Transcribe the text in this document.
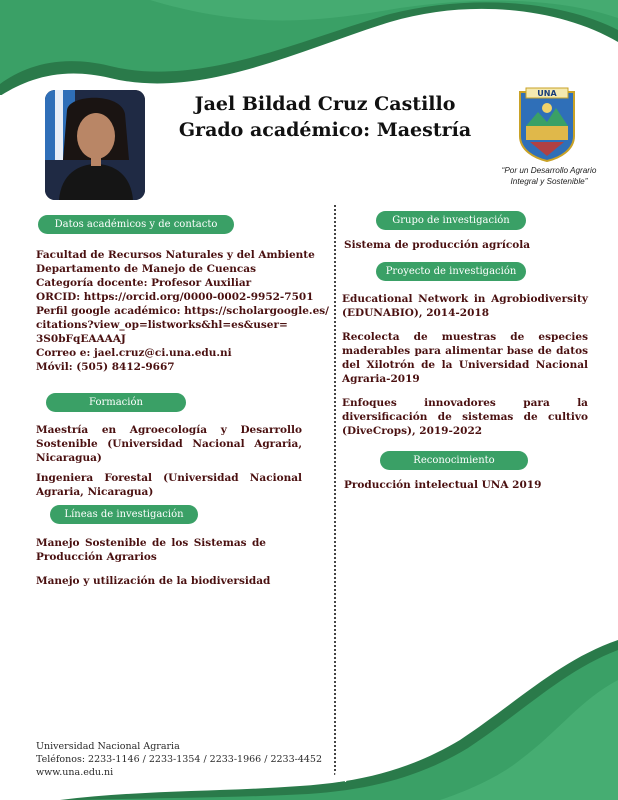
Jael Bildad Cruz Castillo
Grado académico: Maestría
UNA
“Por un Desarrollo Agrario
Integral y Sostenible”
Datos académicos y de contacto
Facultad de Recursos Naturales y del Ambiente
Departamento de Manejo de Cuencas
Categoría docente: Profesor Auxiliar
ORCID: https://orcid.org/0000-0002-9952-7501
Perfil google académico: https://scholargoogle.es/
citations?view_op=listworks&hl=es&user=
3S0bFqEAAAAJ
Correo e: jael.cruz@ci.una.edu.ni
Móvil: (505) 8412-9667
Formación
Maestría en Agroecología y Desarrollo Sostenible (Universidad Nacional Agraria, Nicaragua)
Ingeniera Forestal (Universidad Nacional Agraria, Nicaragua)
Líneas de investigación
Manejo Sostenible de los Sistemas de Producción Agrarios
Manejo y utilización de la biodiversidad
Grupo de investigación
Sistema de producción agrícola
Proyecto de investigación
Educational Network in Agrobiodiversity (EDUNABIO), 2014-2018
Recolecta de muestras de especies maderables para alimentar base de datos del Xilotrón de la Universidad Nacional Agraria-2019
Enfoques innovadores para la diversificación de sistemas de cultivo (DiveCrops), 2019-2022
Reconocimiento
Producción intelectual UNA 2019
Universidad Nacional Agraria
Teléfonos: 2233-1146 / 2233-1354 / 2233-1966 / 2233-4452
www.una.edu.ni	137
